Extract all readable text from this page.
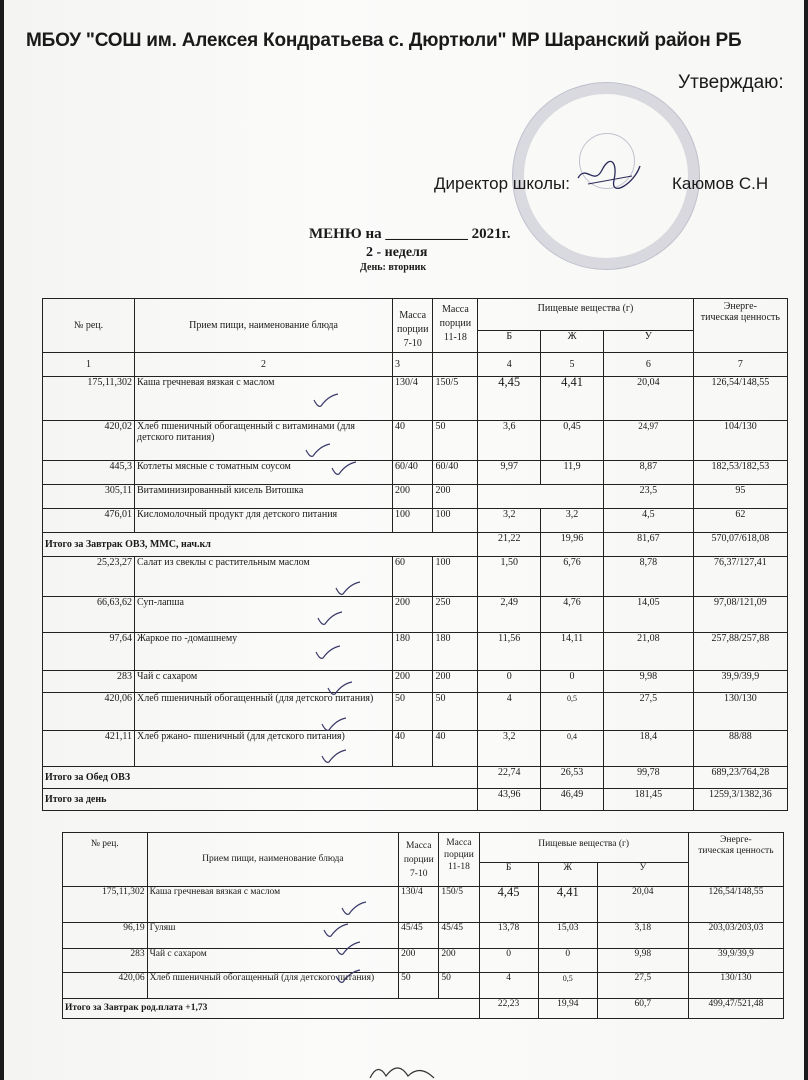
МБОУ "СОШ им. Алексея Кондратьева с. Дюртюли" МР Шаранский район РБ
Утверждаю:
Директор школы:	Каюмов С.Н
МЕНЮ на ___________ 2021г.
2 - неделя
День: вторник
№ рец.	Прием пищи, наименование блюда	Масса
порции
7-10	Масса
порции
11-18	Пищевые вещества (г)			Энерге-
тическая ценность
				Б	Ж	У	
1	2	3		4	5	6	7
175,11,302	Каша гречневая вязкая с маслом	130/4	150/5	4,45	4,41	20,04	126,54/148,55
420,02	Хлеб пшеничный обогащенный с витаминами (для детского питания)	40	50	3,6	0,45	24,97	104/130
445,3	Котлеты мясные с томатным соусом	60/40	60/40	9,97	11,9	8,87	182,53/182,53
305,11	Витаминизированный кисель Витошка	200	200			23,5	95
476,01	Кисломолочный продукт для детского питания	100	100	3,2	3,2	4,5	62
Итого за Завтрак ОВЗ, ММС, нач.кл				21,22	19,96	81,67	570,07/618,08
25,23,27	Салат из свеклы с растительным маслом	60	100	1,50	6,76	8,78	76,37/127,41
66,63,62	Суп-лапша	200	250	2,49	4,76	14,05	97,08/121,09
97,64	Жаркое по -домашнему	180	180	11,56	14,11	21,08	257,88/257,88
283	Чай с сахаром	200	200	0	0	9,98	39,9/39,9
420,06	Хлеб пшеничный обогащенный (для детского питания)	50	50	4	0,5	27,5	130/130
421,11	Хлеб ржано- пшеничный (для детского питания)	40	40	3,2	0,4	18,4	88/88
Итого за Обед ОВЗ				22,74	26,53	99,78	689,23/764,28
Итого за день				43,96	46,49	181,45	1259,3/1382,36
№ рец.	Прием пищи, наименование блюда	Масса
порции
7-10	Масса
порции
11-18	Пищевые вещества (г)			Энерге-
тическая ценность
				Б	Ж	У	
175,11,302	Каша гречневая вязкая с маслом	130/4	150/5	4,45	4,41	20,04	126,54/148,55
96,19	Гуляш	45/45	45/45	13,78	15,03	3,18	203,03/203,03
283	Чай с сахаром	200	200	0	0	9,98	39,9/39,9
420,06	Хлеб пшеничный обогащенный (для детского питания)	50	50	4	0,5	27,5	130/130
Итого за Завтрак род.плата +1,73				22,23	19,94	60,7	499,47/521,48
